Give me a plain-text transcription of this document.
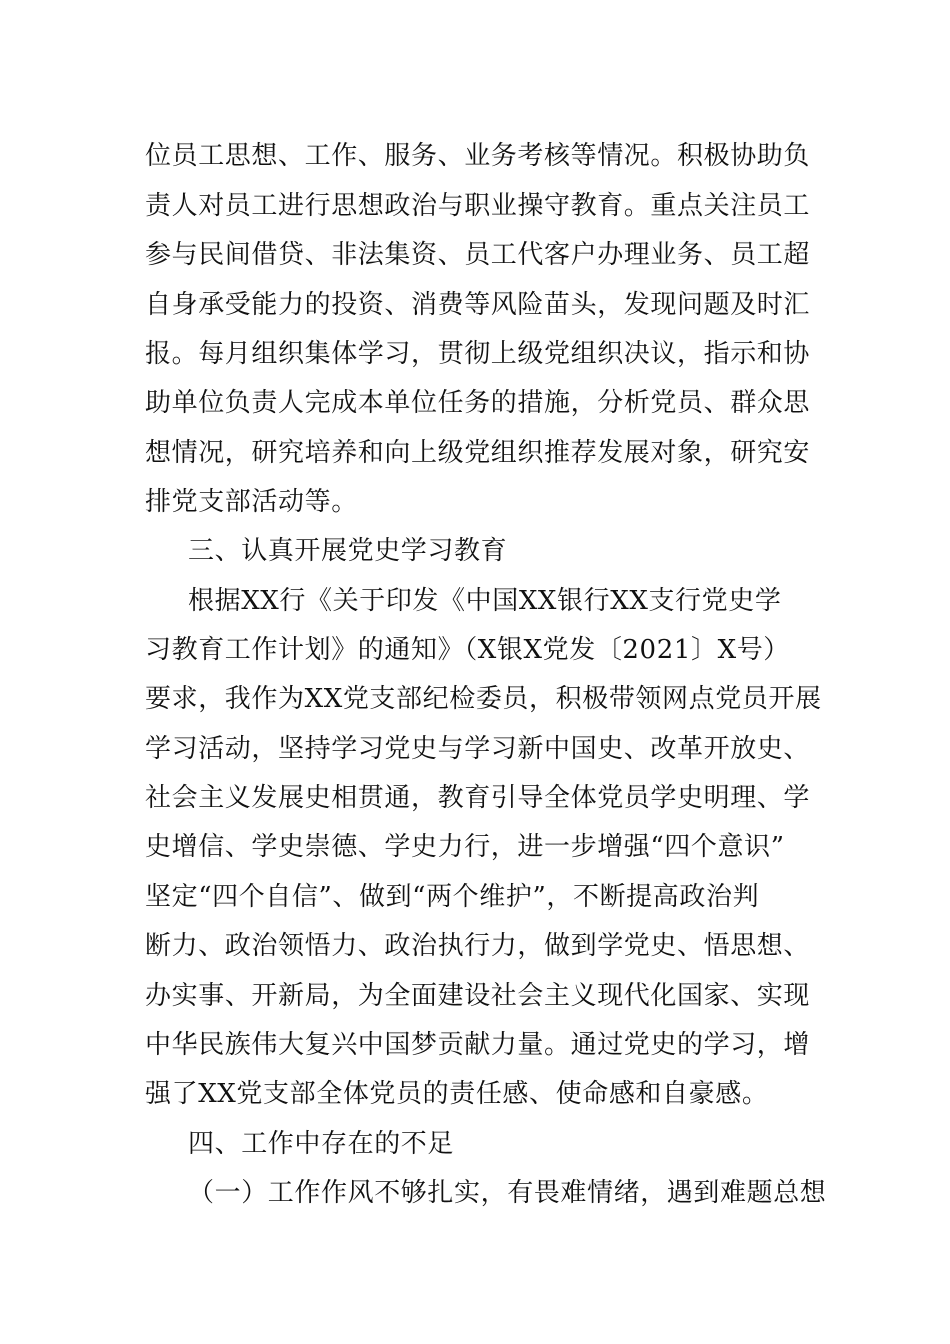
位员工思想、工作、服务、业务考核等情况。积极协助负
责人对员工进行思想政治与职业操守教育。重点关注员工
参与民间借贷、非法集资、员工代客户办理业务、员工超
自身承受能力的投资、消费等风险苗头，发现问题及时汇
报。每月组织集体学习，贯彻上级党组织决议，指示和协
助单位负责人完成本单位任务的措施，分析党员、群众思
想情况，研究培养和向上级党组织推荐发展对象，研究安
排党支部活动等。
三、认真开展党史学习教育
根据XX行《关于印发《中国XX银行XX支行党史学
习教育工作计划》的通知》（X银X党发〔2021〕X号）
要求，我作为XX党支部纪检委员，积极带领网点党员开展
学习活动，坚持学习党史与学习新中国史、改革开放史、
社会主义发展史相贯通，教育引导全体党员学史明理、学
史增信、学史崇德、学史力行，进一步增强“四个意识”
坚定“四个自信”、做到“两个维护”，不断提高政治判
断力、政治领悟力、政治执行力，做到学党史、悟思想、
办实事、开新局，为全面建设社会主义现代化国家、实现
中华民族伟大复兴中国梦贡献力量。通过党史的学习，增
强了XX党支部全体党员的责任感、使命感和自豪感。
四、工作中存在的不足
（一）工作作风不够扎实，有畏难情绪，遇到难题总想
